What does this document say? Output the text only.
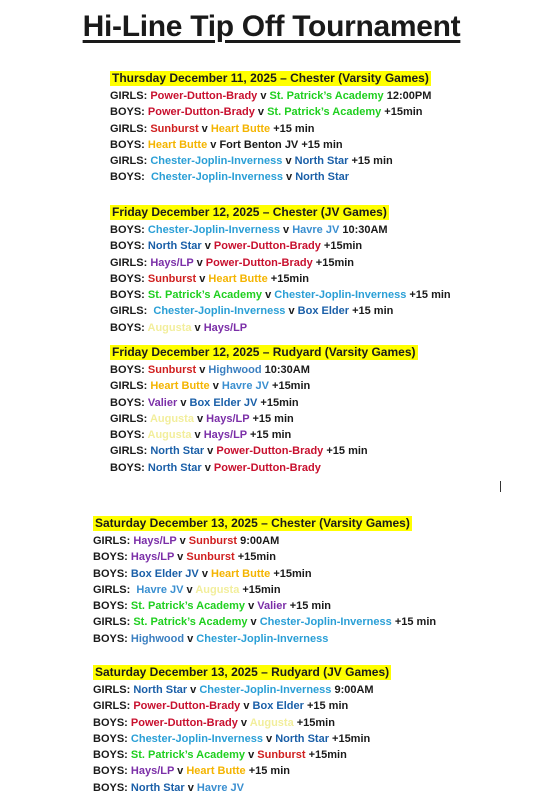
Hi-Line Tip Off Tournament
Thursday December 11, 2025 – Chester (Varsity Games)
GIRLS: Power-Dutton-Brady v St. Patrick’s Academy 12:00PM
BOYS: Power-Dutton-Brady v St. Patrick’s Academy +15min
GIRLS: Sunburst v Heart Butte +15 min
BOYS: Heart Butte v Fort Benton JV +15 min
GIRLS: Chester-Joplin-Inverness v North Star +15 min
BOYS:  Chester-Joplin-Inverness v North Star
Friday December 12, 2025 – Chester (JV Games)
BOYS: Chester-Joplin-Inverness v Havre JV 10:30AM
BOYS: North Star v Power-Dutton-Brady +15min
GIRLS: Hays/LP v Power-Dutton-Brady +15min
BOYS: Sunburst v Heart Butte +15min
BOYS: St. Patrick’s Academy v Chester-Joplin-Inverness +15 min
GIRLS:  Chester-Joplin-Inverness v Box Elder +15 min
BOYS: Augusta v Hays/LP
Friday December 12, 2025 – Rudyard (Varsity Games)
BOYS: Sunburst v Highwood 10:30AM
GIRLS: Heart Butte v Havre JV +15min
BOYS: Valier v Box Elder JV +15min
GIRLS: Augusta v Hays/LP +15 min
BOYS: Augusta v Hays/LP +15 min
GIRLS: North Star v Power-Dutton-Brady +15 min
BOYS: North Star v Power-Dutton-Brady
Saturday December 13, 2025 – Chester (Varsity Games)
GIRLS: Hays/LP v Sunburst 9:00AM
BOYS: Hays/LP v Sunburst +15min
BOYS: Box Elder JV v Heart Butte +15min
GIRLS:  Havre JV v Augusta +15min
BOYS: St. Patrick’s Academy v Valier +15 min
GIRLS: St. Patrick’s Academy v Chester-Joplin-Inverness +15 min
BOYS: Highwood v Chester-Joplin-Inverness
Saturday December 13, 2025 – Rudyard (JV Games)
GIRLS: North Star v Chester-Joplin-Inverness 9:00AM
GIRLS: Power-Dutton-Brady v Box Elder +15 min
BOYS: Power-Dutton-Brady v Augusta +15min
BOYS: Chester-Joplin-Inverness v North Star +15min
BOYS: St. Patrick’s Academy v Sunburst +15min
BOYS: Hays/LP v Heart Butte +15 min
BOYS: North Star v Havre JV
